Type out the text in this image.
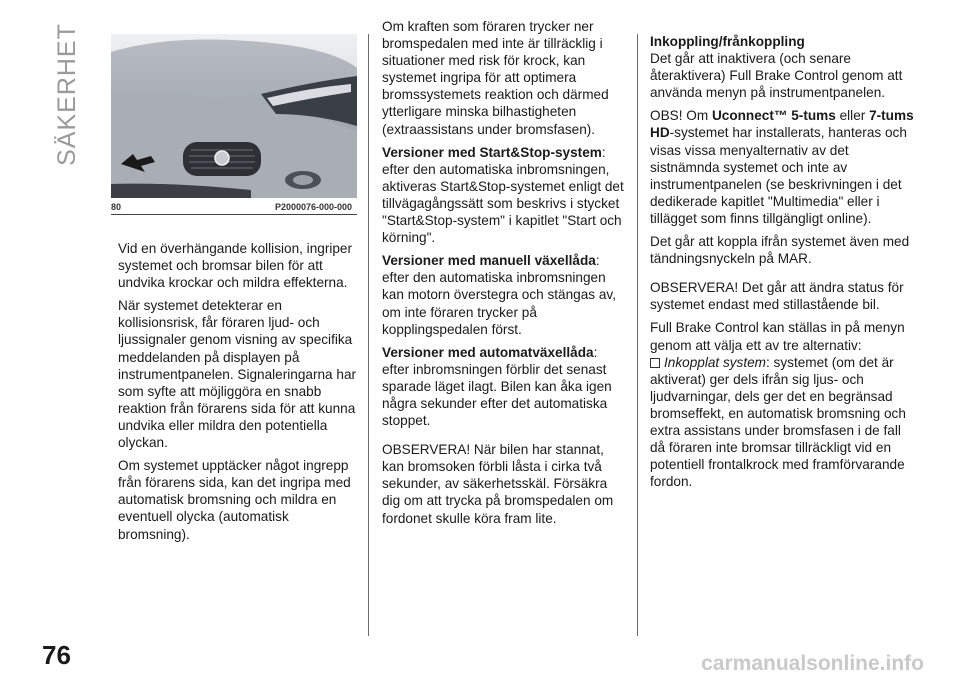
SÄKERHET
80	P2000076-000-000

Vid en överhängande kollision, ingriper systemet och bromsar bilen för att undvika krockar och mildra effekterna.

När systemet detekterar en kollisionsrisk, får föraren ljud- och ljussignaler genom visning av specifika meddelanden på displayen på instrumentpanelen. Signaleringarna har som syfte att möjliggöra en snabb reaktion från förarens sida för att kunna undvika eller mildra den potentiella olyckan.

Om systemet upptäcker något ingrepp från förarens sida, kan det ingripa med automatisk bromsning och mildra en eventuell olycka (automatisk bromsning).

Om kraften som föraren trycker ner bromspedalen med inte är tillräcklig i situationer med risk för krock, kan systemet ingripa för att optimera bromssystemets reaktion och därmed ytterligare minska bilhastigheten (extraassistans under bromsfasen).

Versioner med Start&Stop-system:

efter den automatiska inbromsningen, aktiveras Start&Stop-systemet enligt det tillvägagångssätt som beskrivs i stycket "Start&Stop-system" i kapitlet "Start och körning".

Versioner med manuell växellåda:

efter den automatiska inbromsningen kan motorn överstegra och stängas av, om inte föraren trycker på kopplingspedalen först.

Versioner med automatväxellåda:

efter inbromsningen förblir det senast sparade läget ilagt. Bilen kan åka igen några sekunder efter det automatiska stoppet.

OBSERVERA! När bilen har stannat, kan bromsoken förbli låsta i cirka två sekunder, av säkerhetsskäl. Försäkra dig om att trycka på bromspedalen om fordonet skulle köra fram lite.

Inkoppling/frånkoppling

Det går att inaktivera (och senare återaktivera) Full Brake Control genom att använda menyn på instrumentpanelen.

OBS! Om Uconnect™ 5-tums eller 7-tums HD-systemet har installerats, hanteras och visas vissa menyalternativ av det sistnämnda systemet och inte av instrumentpanelen (se beskrivningen i det dedikerade kapitlet "Multimedia" eller i tillägget som finns tillgängligt online).

Det går att koppla ifrån systemet även med tändningsnyckeln på MAR.

OBSERVERA! Det går att ändra status för systemet endast med stillastående bil.

Full Brake Control kan ställas in på menyn genom att välja ett av tre alternativ:

Inkopplat system: systemet (om det är aktiverat) ger dels ifrån sig ljus- och ljudvarningar, dels ger det en begränsad bromseffekt, en automatisk bromsning och extra assistans under bromsfasen i de fall då föraren inte bromsar tillräckligt vid en potentiell frontalkrock med framförvarande fordon.

76	carmanualsonline.info
